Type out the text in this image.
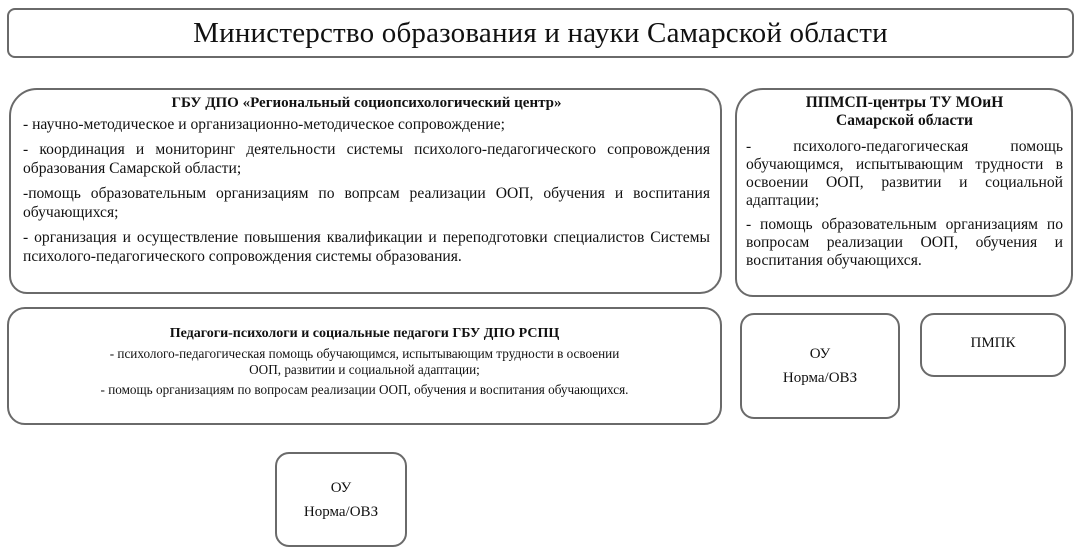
Министерство образования и науки Самарской области
ГБУ ДПО «Региональный социопсихологический центр»

- научно-методическое и организационно-методическое сопровождение;

- координация и мониторинг деятельности системы психолого-педагогического сопровождения образования Самарской области;

-помощь образовательным организациям по вопрсам реализации ООП, обучения и воспитания обучающихся;

- организация и осуществление повышения квалификации и переподготовки специалистов Системы психолого-педагогического сопровождения системы образования.

ППМСП-центры ТУ МОиН
Самарской области

- психолого-педагогическая помощь обучающимся, испытывающим трудности в освоении ООП, развитии и социальной адаптации;

- помощь образовательным организациям по вопросам реализации ООП, обучения и воспитания обучающихся.

Педагоги-психологи и социальные педагоги ГБУ ДПО РСПЦ

- психолого-педагогическая помощь обучающимся, испытывающим трудности в освоении

ООП, развитии и социальной адаптации;

- помощь организациям по вопросам реализации ООП, обучения и воспитания обучающихся.

ОУ
Норма/ОВЗ
ПМПК
ОУ
Норма/ОВЗ
